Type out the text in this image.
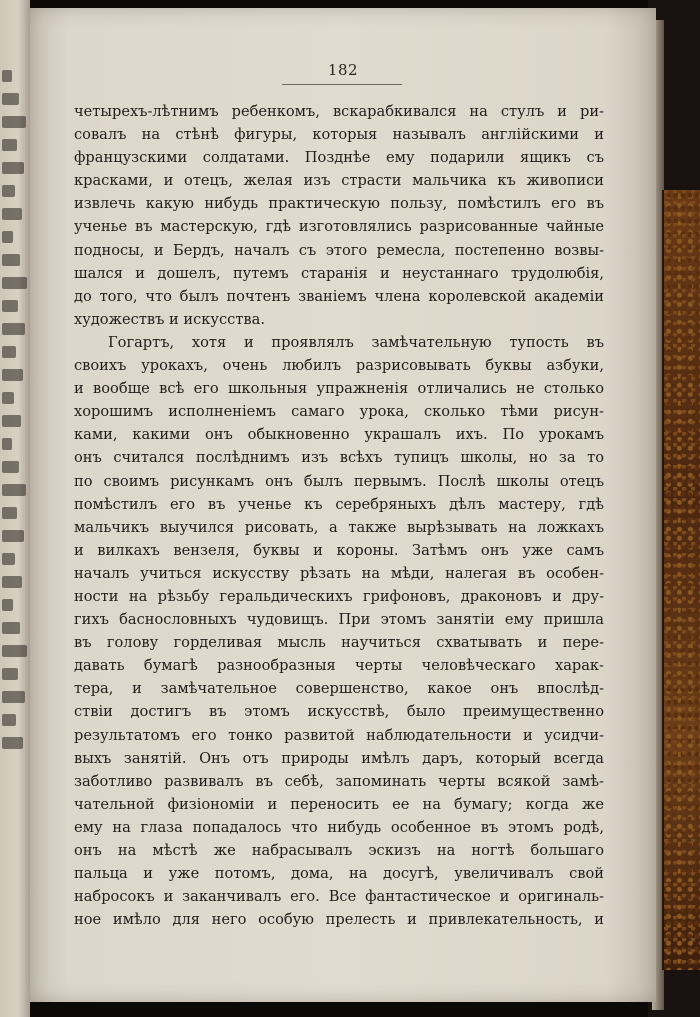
182
четырехъ-лѣтнимъ ребенкомъ, вскарабкивался на стулъ и ри-
совалъ на стѣнѣ фигуры, которыя называлъ англійскими и
французскими солдатами. Позднѣе ему подарили ящикъ съ
красками, и отецъ, желая изъ страсти мальчика къ живописи
извлечь какую нибудь практическую пользу, помѣстилъ его въ
ученье въ мастерскую, гдѣ изготовлялись разрисованные чайные
подносы, и Бердъ, началъ съ этого ремесла, постепенно возвы-
шался и дошелъ, путемъ старанія и неустаннаго трудолюбія,
до того, что былъ почтенъ званіемъ члена королевской академіи
художествъ и искусства.
Гогартъ, хотя и проявлялъ замѣчательную тупость въ
своихъ урокахъ, очень любилъ разрисовывать буквы азбуки,
и вообще всѣ его школьныя упражненія отличались не столько
хорошимъ исполненіемъ самаго урока, сколько тѣми рисун-
ками, какими онъ обыкновенно украшалъ ихъ. По урокамъ
онъ считался послѣднимъ изъ всѣхъ тупицъ школы, но за то
по своимъ рисункамъ онъ былъ первымъ. Послѣ школы отецъ
помѣстилъ его въ ученье къ серебряныхъ дѣлъ мастеру, гдѣ
мальчикъ выучился рисовать, а также вырѣзывать на ложкахъ
и вилкахъ вензеля, буквы и короны. Затѣмъ онъ уже самъ
началъ учиться искусству рѣзать на мѣди, налегая въ особен-
ности на рѣзьбу геральдическихъ грифоновъ, драконовъ и дру-
гихъ баснословныхъ чудовищъ. При этомъ занятіи ему пришла
въ голову горделивая мысль научиться схватывать и пере-
давать бумагѣ разнообразныя черты человѣческаго харак-
тера, и замѣчательное совершенство, какое онъ впослѣд-
ствіи достигъ въ этомъ искусствѣ, было преимущественно
результатомъ его тонко развитой наблюдательности и усидчи-
выхъ занятій. Онъ отъ природы имѣлъ даръ, который всегда
заботливо развивалъ въ себѣ, запоминать черты всякой замѣ-
чательной физіономіи и переносить ее на бумагу; когда же
ему на глаза попадалось что нибудь особенное въ этомъ родѣ,
онъ на мѣстѣ же набрасывалъ эскизъ на ногтѣ большаго
пальца и уже потомъ, дома, на досугѣ, увеличивалъ свой
набросокъ и заканчивалъ его. Все фантастическое и оригиналь-
ное имѣло для него особую прелесть и привлекательность, и
